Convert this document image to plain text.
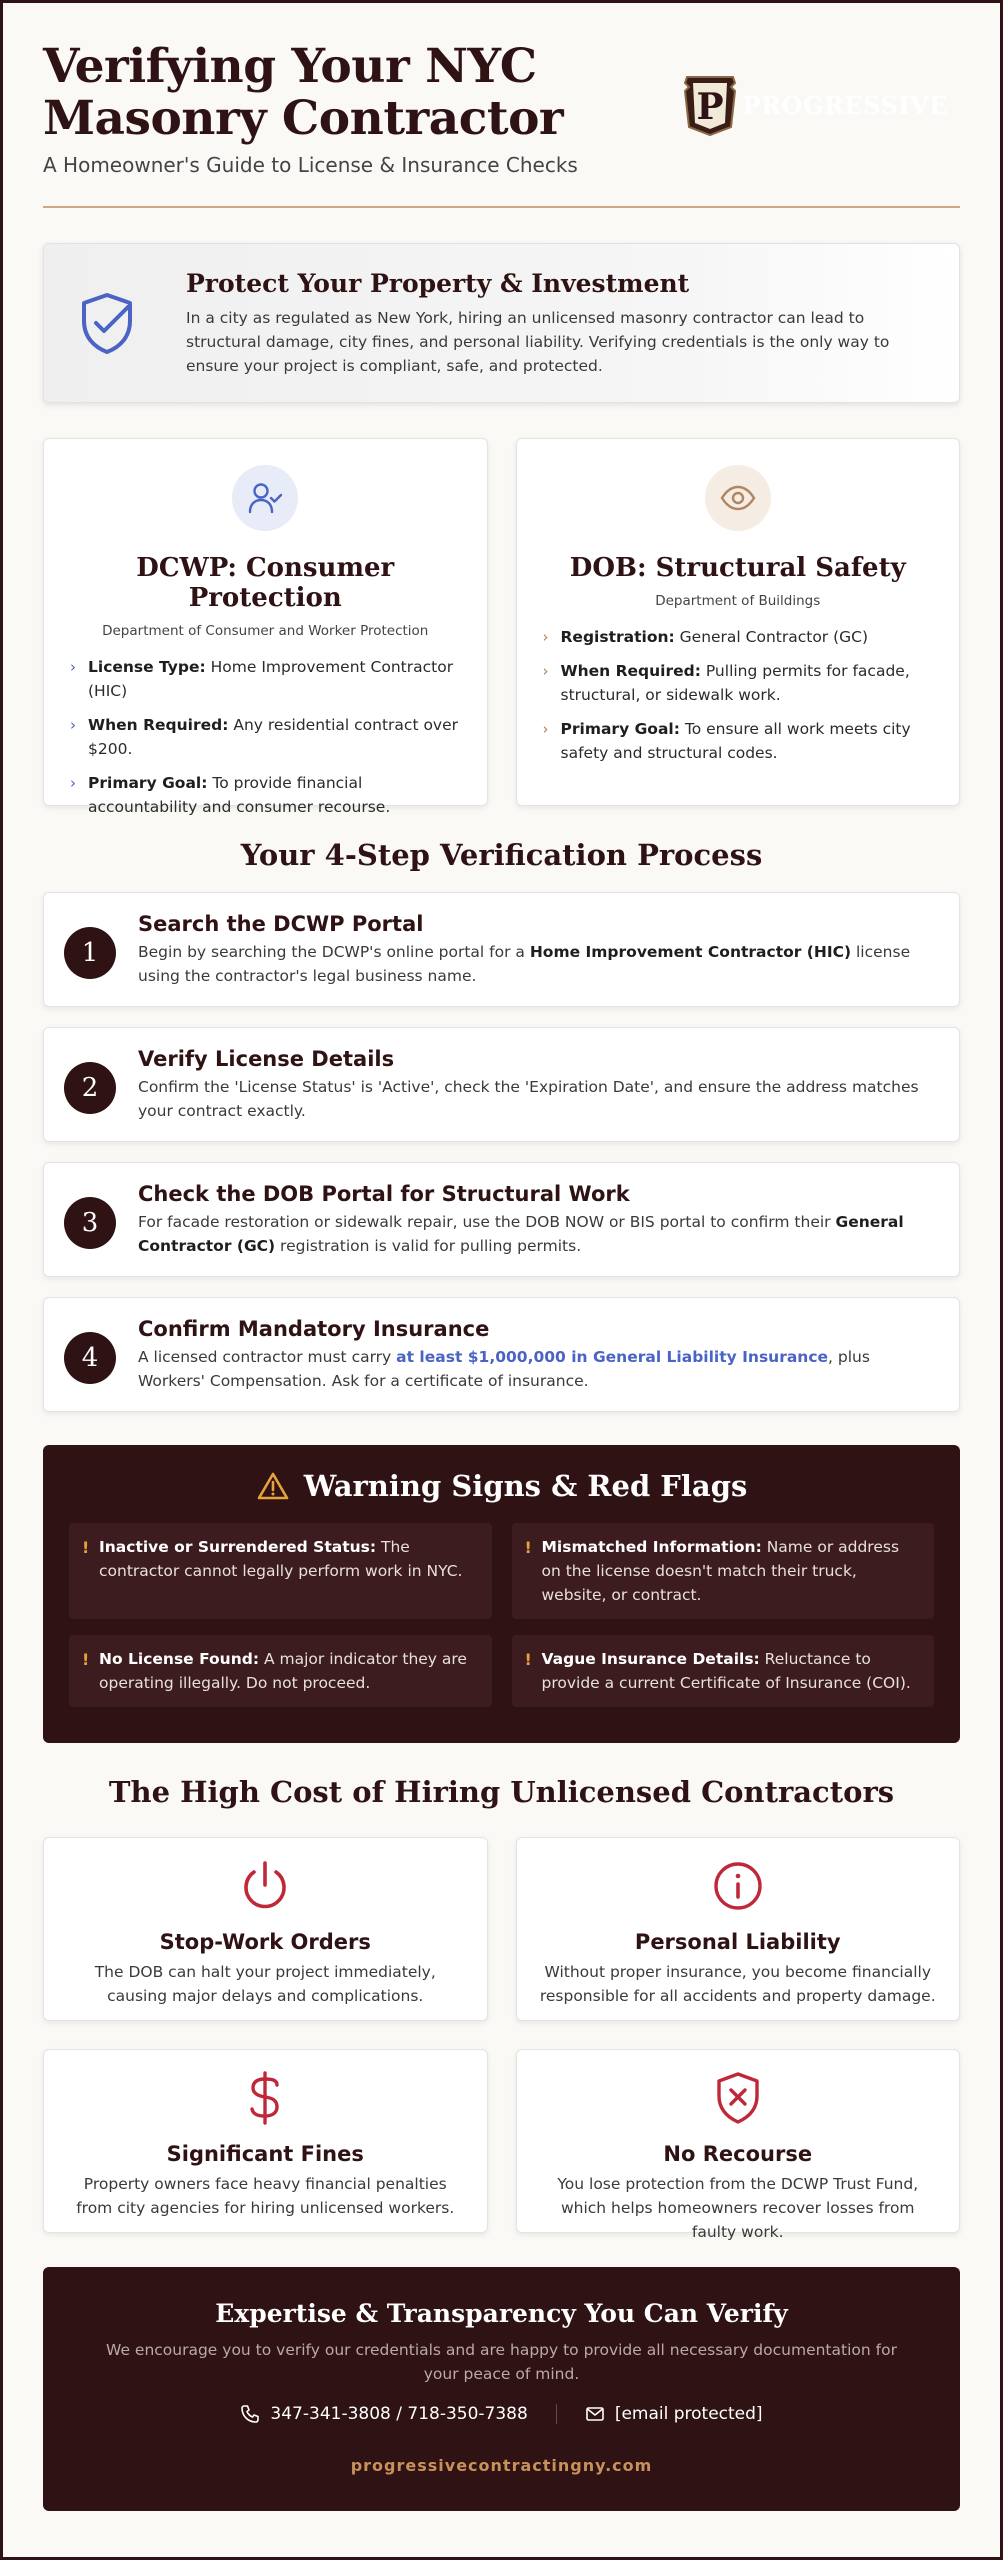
Verifying Your NYC
Masonry Contractor
A Homeowner's Guide to License & Insurance Checks
P PROGRESSIVE
Protect Your Property & Investment

In a city as regulated as New York, hiring an unlicensed masonry contractor can lead to structural damage, city fines, and personal liability. Verifying credentials is the only way to ensure your project is compliant, safe, and protected.

DCWP: Consumer Protection
Department of Consumer and Worker Protection
› License Type: Home Improvement Contractor (HIC)
› When Required: Any residential contract over $200.
› Primary Goal: To provide financial accountability and consumer recourse.
DOB: Structural Safety
Department of Buildings
› Registration: General Contractor (GC)
› When Required: Pulling permits for facade, structural, or sidewalk work.
› Primary Goal: To ensure all work meets city safety and structural codes.
Your 4-Step Verification Process
1
Search the DCWP Portal

Begin by searching the DCWP's online portal for a Home Improvement Contractor (HIC) license using the contractor's legal business name.

2
Verify License Details

Confirm the 'License Status' is 'Active', check the 'Expiration Date', and ensure the address matches your contract exactly.

3
Check the DOB Portal for Structural Work

For facade restoration or sidewalk repair, use the DOB NOW or BIS portal to confirm their General Contractor (GC) registration is valid for pulling permits.

4
Confirm Mandatory Insurance

A licensed contractor must carry at least $1,000,000 in General Liability Insurance, plus Workers' Compensation. Ask for a certificate of insurance.

Warning Signs & Red Flags
! Inactive or Surrendered Status: The contractor cannot legally perform work in NYC.
! Mismatched Information: Name or address on the license doesn't match their truck, website, or contract.
! No License Found: A major indicator they are operating illegally. Do not proceed.
! Vague Insurance Details: Reluctance to provide a current Certificate of Insurance (COI).
The High Cost of Hiring Unlicensed Contractors
Stop-Work Orders

The DOB can halt your project immediately, causing major delays and complications.

Personal Liability

Without proper insurance, you become financially responsible for all accidents and property damage.

Significant Fines

Property owners face heavy financial penalties from city agencies for hiring unlicensed workers.

No Recourse

You lose protection from the DCWP Trust Fund, which helps homeowners recover losses from faulty work.

Expertise & Transparency You Can Verify
We encourage you to verify our credentials and are happy to provide all necessary documentation for your peace of mind.
347-341-3808 / 718-350-7388	[email protected]
progressivecontractingny.com
